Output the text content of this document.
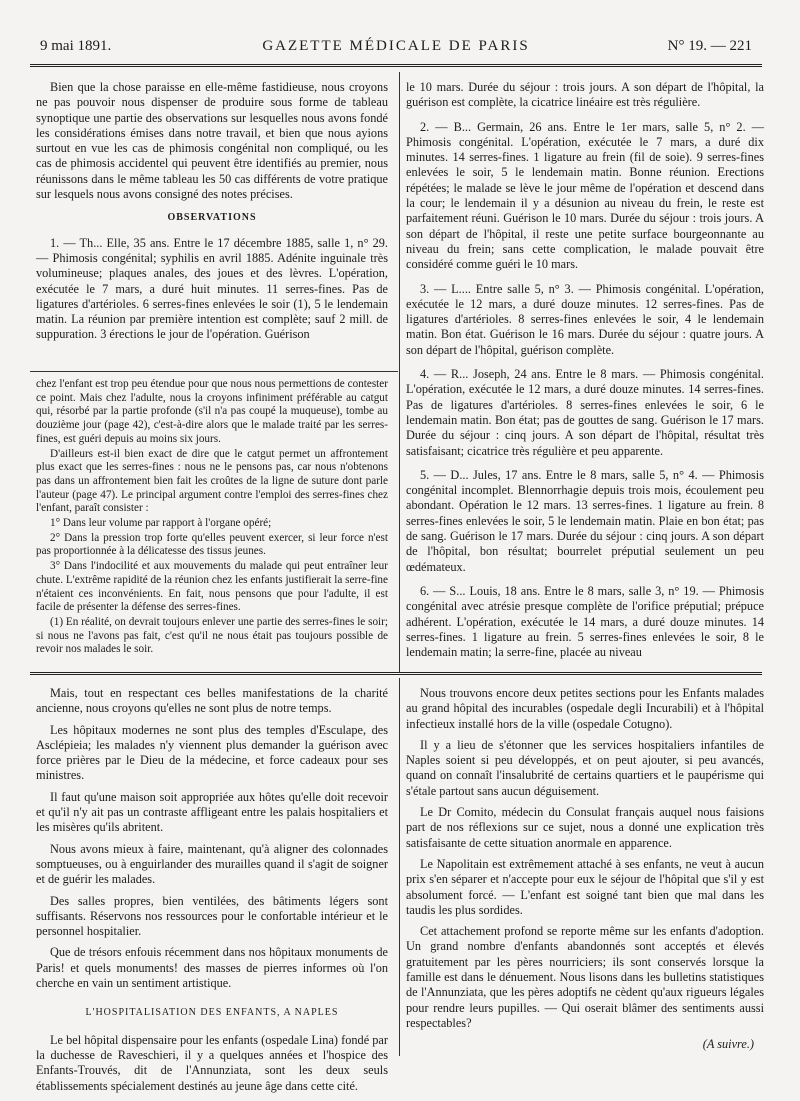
9 mai 1891.	GAZETTE MÉDICALE DE PARIS	N° 19. — 221

Bien que la chose paraisse en elle-même fastidieuse, nous croyons ne pas pouvoir nous dispenser de produire sous forme de tableau synoptique une partie des observations sur lesquelles nous avons fondé les considérations émises dans notre travail, et bien que nous ayions surtout en vue les cas de phimosis congénital non compliqué, ou les cas de phimosis accidentel qui peuvent être identifiés au premier, nous réunissons dans le même tableau les 50 cas différents de votre pratique sur lesquels nous avons consigné des notes précises.

OBSERVATIONS

1. — Th... Elle, 35 ans. Entre le 17 décembre 1885, salle 1, n° 29. — Phimosis congénital; syphilis en avril 1885. Adénite inguinale très volumineuse; plaques anales, des joues et des lèvres. L'opération, exécutée le 7 mars, a duré huit minutes. 11 serres-fines. Pas de ligatures d'artérioles. 6 serres-fines enlevées le soir (1), 5 le lendemain matin. La réunion par première intention est complète; sauf 2 mill. de suppuration. 3 érections le jour de l'opération. Guérison

chez l'enfant est trop peu étendue pour que nous nous permettions de contester ce point. Mais chez l'adulte, nous la croyons infiniment préférable au catgut qui, résorbé par la partie profonde (s'il n'a pas coupé la muqueuse), tombe au douzième jour (page 42), c'est-à-dire alors que le malade traité par les serres-fines, est guéri depuis au moins six jours.

D'ailleurs est-il bien exact de dire que le catgut permet un affrontement plus exact que les serres-fines : nous ne le pensons pas, car nous n'obtenons pas dans un affrontement bien fait les croûtes de la ligne de suture dont parle l'auteur (page 47). Le principal argument contre l'emploi des serres-fines chez l'enfant, paraît consister :

1° Dans leur volume par rapport à l'organe opéré;

2° Dans la pression trop forte qu'elles peuvent exercer, si leur force n'est pas proportionnée à la délicatesse des tissus jeunes.

3° Dans l'indocilité et aux mouvements du malade qui peut entraîner leur chute. L'extrême rapidité de la réunion chez les enfants justifierait la serre-fine n'étaient ces inconvénients. En fait, nous pensons que pour l'adulte, il est facile de présenter la défense des serres-fines.

(1) En réalité, on devrait toujours enlever une partie des serres-fines le soir; si nous ne l'avons pas fait, c'est qu'il ne nous était pas toujours possible de revoir nos malades le soir.

le 10 mars. Durée du séjour : trois jours. A son départ de l'hôpital, la guérison est complète, la cicatrice linéaire est très régulière.

2. — B... Germain, 26 ans. Entre le 1er mars, salle 5, n° 2. — Phimosis congénital. L'opération, exécutée le 7 mars, a duré dix minutes. 14 serres-fines. 1 ligature au frein (fil de soie). 9 serres-fines enlevées le soir, 5 le lendemain matin. Bonne réunion. Erections répétées; le malade se lève le jour même de l'opération et descend dans la cour; le lendemain il y a désunion au niveau du frein, le reste est parfaitement réuni. Guérison le 10 mars. Durée du séjour : trois jours. A son départ de l'hôpital, il reste une petite surface bourgeonnante au niveau du frein; sans cette complication, le malade pouvait être considéré comme guéri le 10 mars.

3. — L.... Entre salle 5, n° 3. — Phimosis congénital. L'opération, exécutée le 12 mars, a duré douze minutes. 12 serres-fines. Pas de ligatures d'artérioles. 8 serres-fines enlevées le soir, 4 le lendemain matin. Bon état. Guérison le 16 mars. Durée du séjour : quatre jours. A son départ de l'hôpital, guérison complète.

4. — R... Joseph, 24 ans. Entre le 8 mars. — Phimosis congénital. L'opération, exécutée le 12 mars, a duré douze minutes. 14 serres-fines. Pas de ligatures d'artérioles. 8 serres-fines enlevées le soir, 6 le lendemain matin. Bon état; pas de gouttes de sang. Guérison le 17 mars. Durée du séjour : cinq jours. A son départ de l'hôpital, résultat très satisfaisant; cicatrice très régulière et peu apparente.

5. — D... Jules, 17 ans. Entre le 8 mars, salle 5, n° 4. — Phimosis congénital incomplet. Blennorrhagie depuis trois mois, écoulement peu abondant. Opération le 12 mars. 13 serres-fines. 1 ligature au frein. 8 serres-fines enlevées le soir, 5 le lendemain matin. Plaie en bon état; pas de sang. Guérison le 17 mars. Durée du séjour : cinq jours. A son départ de l'hôpital, bon résultat; bourrelet préputial seulement un peu œdémateux.

6. — S... Louis, 18 ans. Entre le 8 mars, salle 3, n° 19. — Phimosis congénital avec atrésie presque complète de l'orifice préputial; prépuce adhérent. L'opération, exécutée le 14 mars, a duré douze minutes. 14 serres-fines. 1 ligature au frein. 5 serres-fines enlevées le soir, 8 le lendemain matin; la serre-fine, placée au niveau

Mais, tout en respectant ces belles manifestations de la charité ancienne, nous croyons qu'elles ne sont plus de notre temps.

Les hôpitaux modernes ne sont plus des temples d'Esculape, des Asclépieia; les malades n'y viennent plus demander la guérison avec force prières par le Dieu de la médecine, et force cadeaux pour ses ministres.

Il faut qu'une maison soit appropriée aux hôtes qu'elle doit recevoir et qu'il n'y ait pas un contraste affligeant entre les palais hospitaliers et les misères qu'ils abritent.

Nous avons mieux à faire, maintenant, qu'à aligner des colonnades somptueuses, ou à enguirlander des murailles quand il s'agit de soigner et de guérir les malades.

Des salles propres, bien ventilées, des bâtiments légers sont suffisants. Réservons nos ressources pour le confortable intérieur et le personnel hospitalier.

Que de trésors enfouis récemment dans nos hôpitaux monuments de Paris! et quels monuments! des masses de pierres informes où l'on cherche en vain un sentiment artistique.

L'HOSPITALISATION DES ENFANTS, A NAPLES

Le bel hôpital dispensaire pour les enfants (ospedale Lina) fondé par la duchesse de Raveschieri, il y a quelques années et l'hospice des Enfants-Trouvés, dit de l'Annunziata, sont les deux seuls établissements spécialement destinés au jeune âge dans cette cité.

Nous trouvons encore deux petites sections pour les Enfants malades au grand hôpital des incurables (ospedale degli Incurabili) et à l'hôpital infectieux installé hors de la ville (ospedale Cotugno).

Il y a lieu de s'étonner que les services hospitaliers infantiles de Naples soient si peu développés, et on peut ajouter, si peu avancés, quand on connaît l'insalubrité de certains quartiers et le paupérisme qui s'étale partout sans aucun déguisement.

Le Dr Comito, médecin du Consulat français auquel nous faisions part de nos réflexions sur ce sujet, nous a donné une explication très satisfaisante de cette situation anormale en apparence.

Le Napolitain est extrêmement attaché à ses enfants, ne veut à aucun prix s'en séparer et n'accepte pour eux le séjour de l'hôpital que s'il y est absolument forcé. — L'enfant est soigné tant bien que mal dans les taudis les plus sordides.

Cet attachement profond se reporte même sur les enfants d'adoption. Un grand nombre d'enfants abandonnés sont acceptés et élevés gratuitement par les pères nourriciers; ils sont conservés lorsque la famille est dans le dénuement. Nous lisons dans les bulletins statistiques de l'Annunziata, que les pères adoptifs ne cèdent qu'aux rigueurs légales pour rendre leurs pupilles. — Qui oserait blâmer des sentiments aussi respectables?

(A suivre.)
